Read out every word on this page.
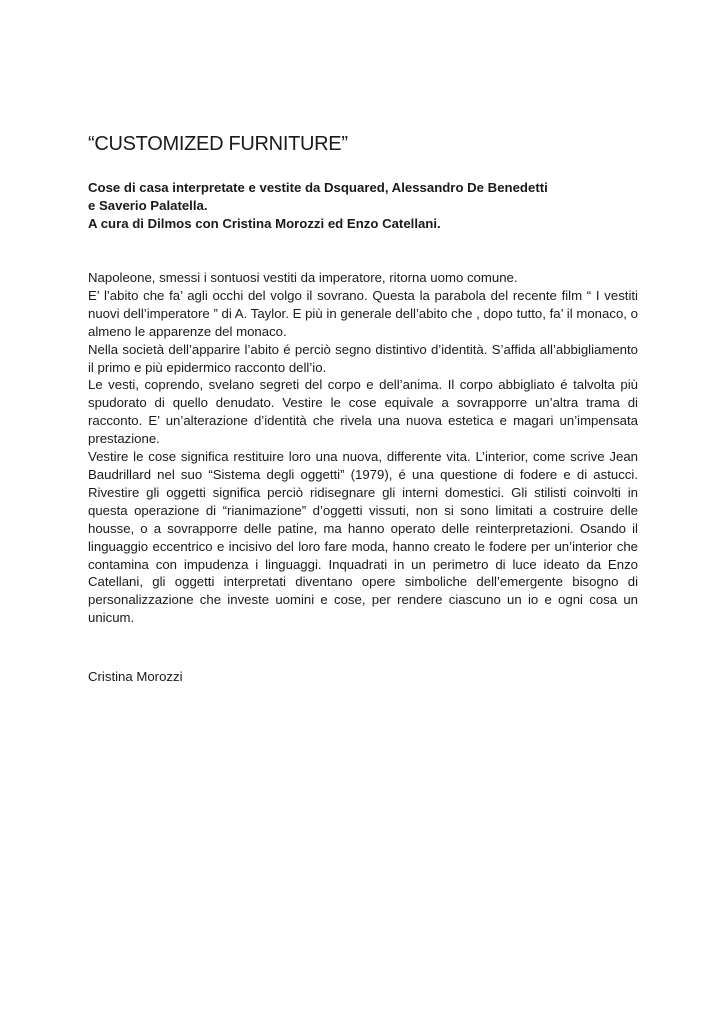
“CUSTOMIZED FURNITURE”
Cose di casa interpretate e vestite da Dsquared, Alessandro De Benedetti
e Saverio Palatella.
A cura di Dilmos con Cristina Morozzi ed Enzo Catellani.

Napoleone, smessi i sontuosi vestiti da imperatore, ritorna uomo comune.

E’ l’abito che fa’ agli occhi del volgo il sovrano. Questa la parabola del recente film “ I vestiti nuovi dell’imperatore ” di A. Taylor. E più in generale dell’abito che , dopo tutto, fa’ il monaco, o almeno le apparenze del monaco.

Nella società dell’apparire l’abito é perciò segno distintivo d’identità. S’affida all’abbigliamento il primo e più epidermico racconto dell’io.

Le vesti, coprendo, svelano segreti del corpo e dell’anima. Il corpo abbigliato é talvolta più spudorato di quello denudato. Vestire le cose equivale a sovrapporre un’altra trama di racconto. E’ un’alterazione d’identità che rivela una nuova estetica e magari un’impensata prestazione.

Vestire le cose significa restituire loro una nuova, differente vita. L’interior, come scrive Jean Baudrillard nel suo “Sistema degli oggetti” (1979), é una questione di fodere e di astucci. Rivestire gli oggetti significa perciò ridisegnare gli interni domestici. Gli stilisti coinvolti in questa operazione di “rianimazione” d’oggetti vissuti, non si sono limitati a costruire delle housse, o a sovrapporre delle patine, ma hanno operato delle reinterpretazioni. Osando il linguaggio eccentrico e incisivo del loro fare moda, hanno creato le fodere per un’interior che contamina con impudenza i linguaggi. Inquadrati in un perimetro di luce ideato da Enzo Catellani, gli oggetti interpretati diventano opere simboliche dell’emergente bisogno di personalizzazione che investe uomini e cose, per rendere ciascuno un io e ogni cosa un unicum.

Cristina Morozzi
